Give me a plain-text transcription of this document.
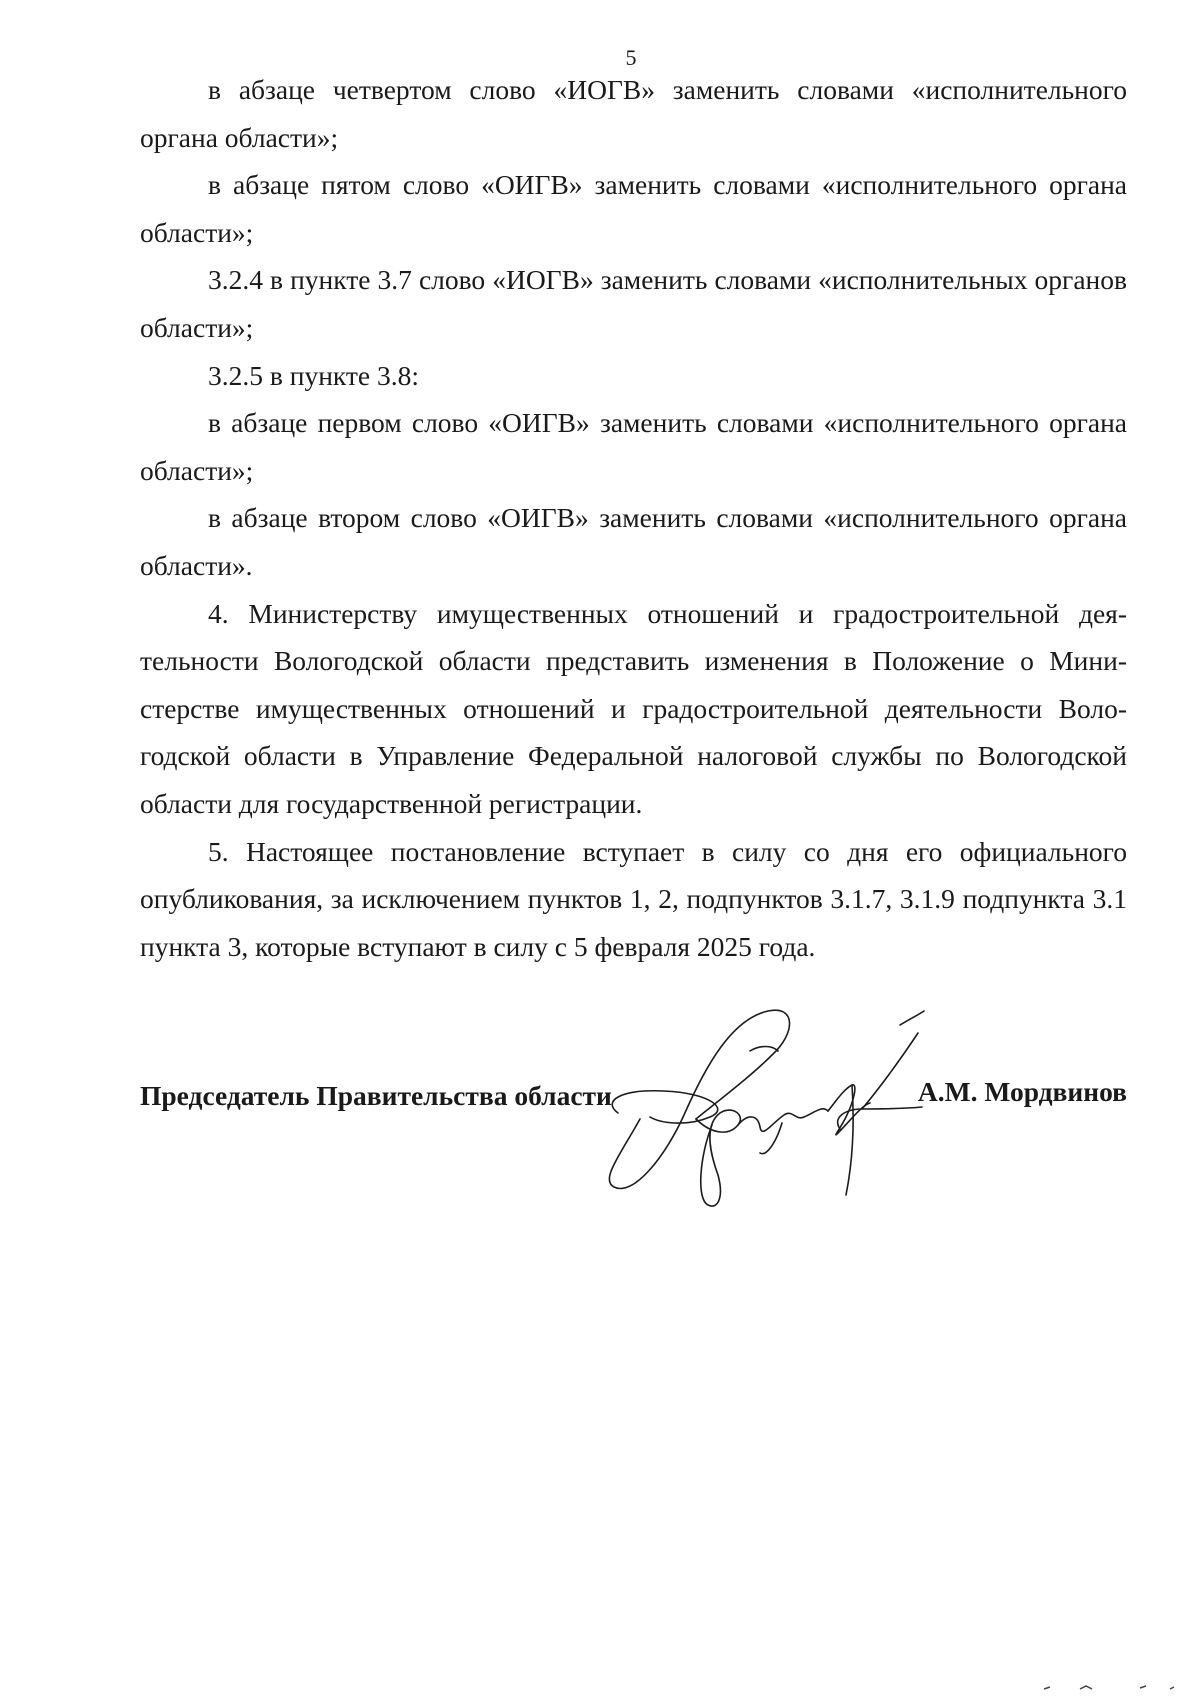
5

в абзаце четвертом слово «ИОГВ» заменить словами «исполнительного органа области»;

в абзаце пятом слово «ОИГВ» заменить словами «исполнительного органа области»;

3.2.4 в пункте 3.7 слово «ИОГВ» заменить словами «исполнительных органов области»;

3.2.5 в пункте 3.8:

в абзаце первом слово «ОИГВ» заменить словами «исполнительного органа области»;

в абзаце втором слово «ОИГВ» заменить словами «исполнительного органа области».

4. Министерству имущественных отношений и градостроительной деятельности Вологодской области представить изменения в Положение о Министерстве имущественных отношений и градостроительной деятельности Вологодской области в Управление Федеральной налоговой службы по Вологодской области для государственной регистрации.

5. Настоящее постановление вступает в силу со дня его официального опубликования, за исключением пунктов 1, 2, подпунктов 3.1.7, 3.1.9 подпункта 3.1 пункта 3, которые вступают в силу с 5 февраля 2025 года.

Председатель Правительства области	А.М. Мордвинов
